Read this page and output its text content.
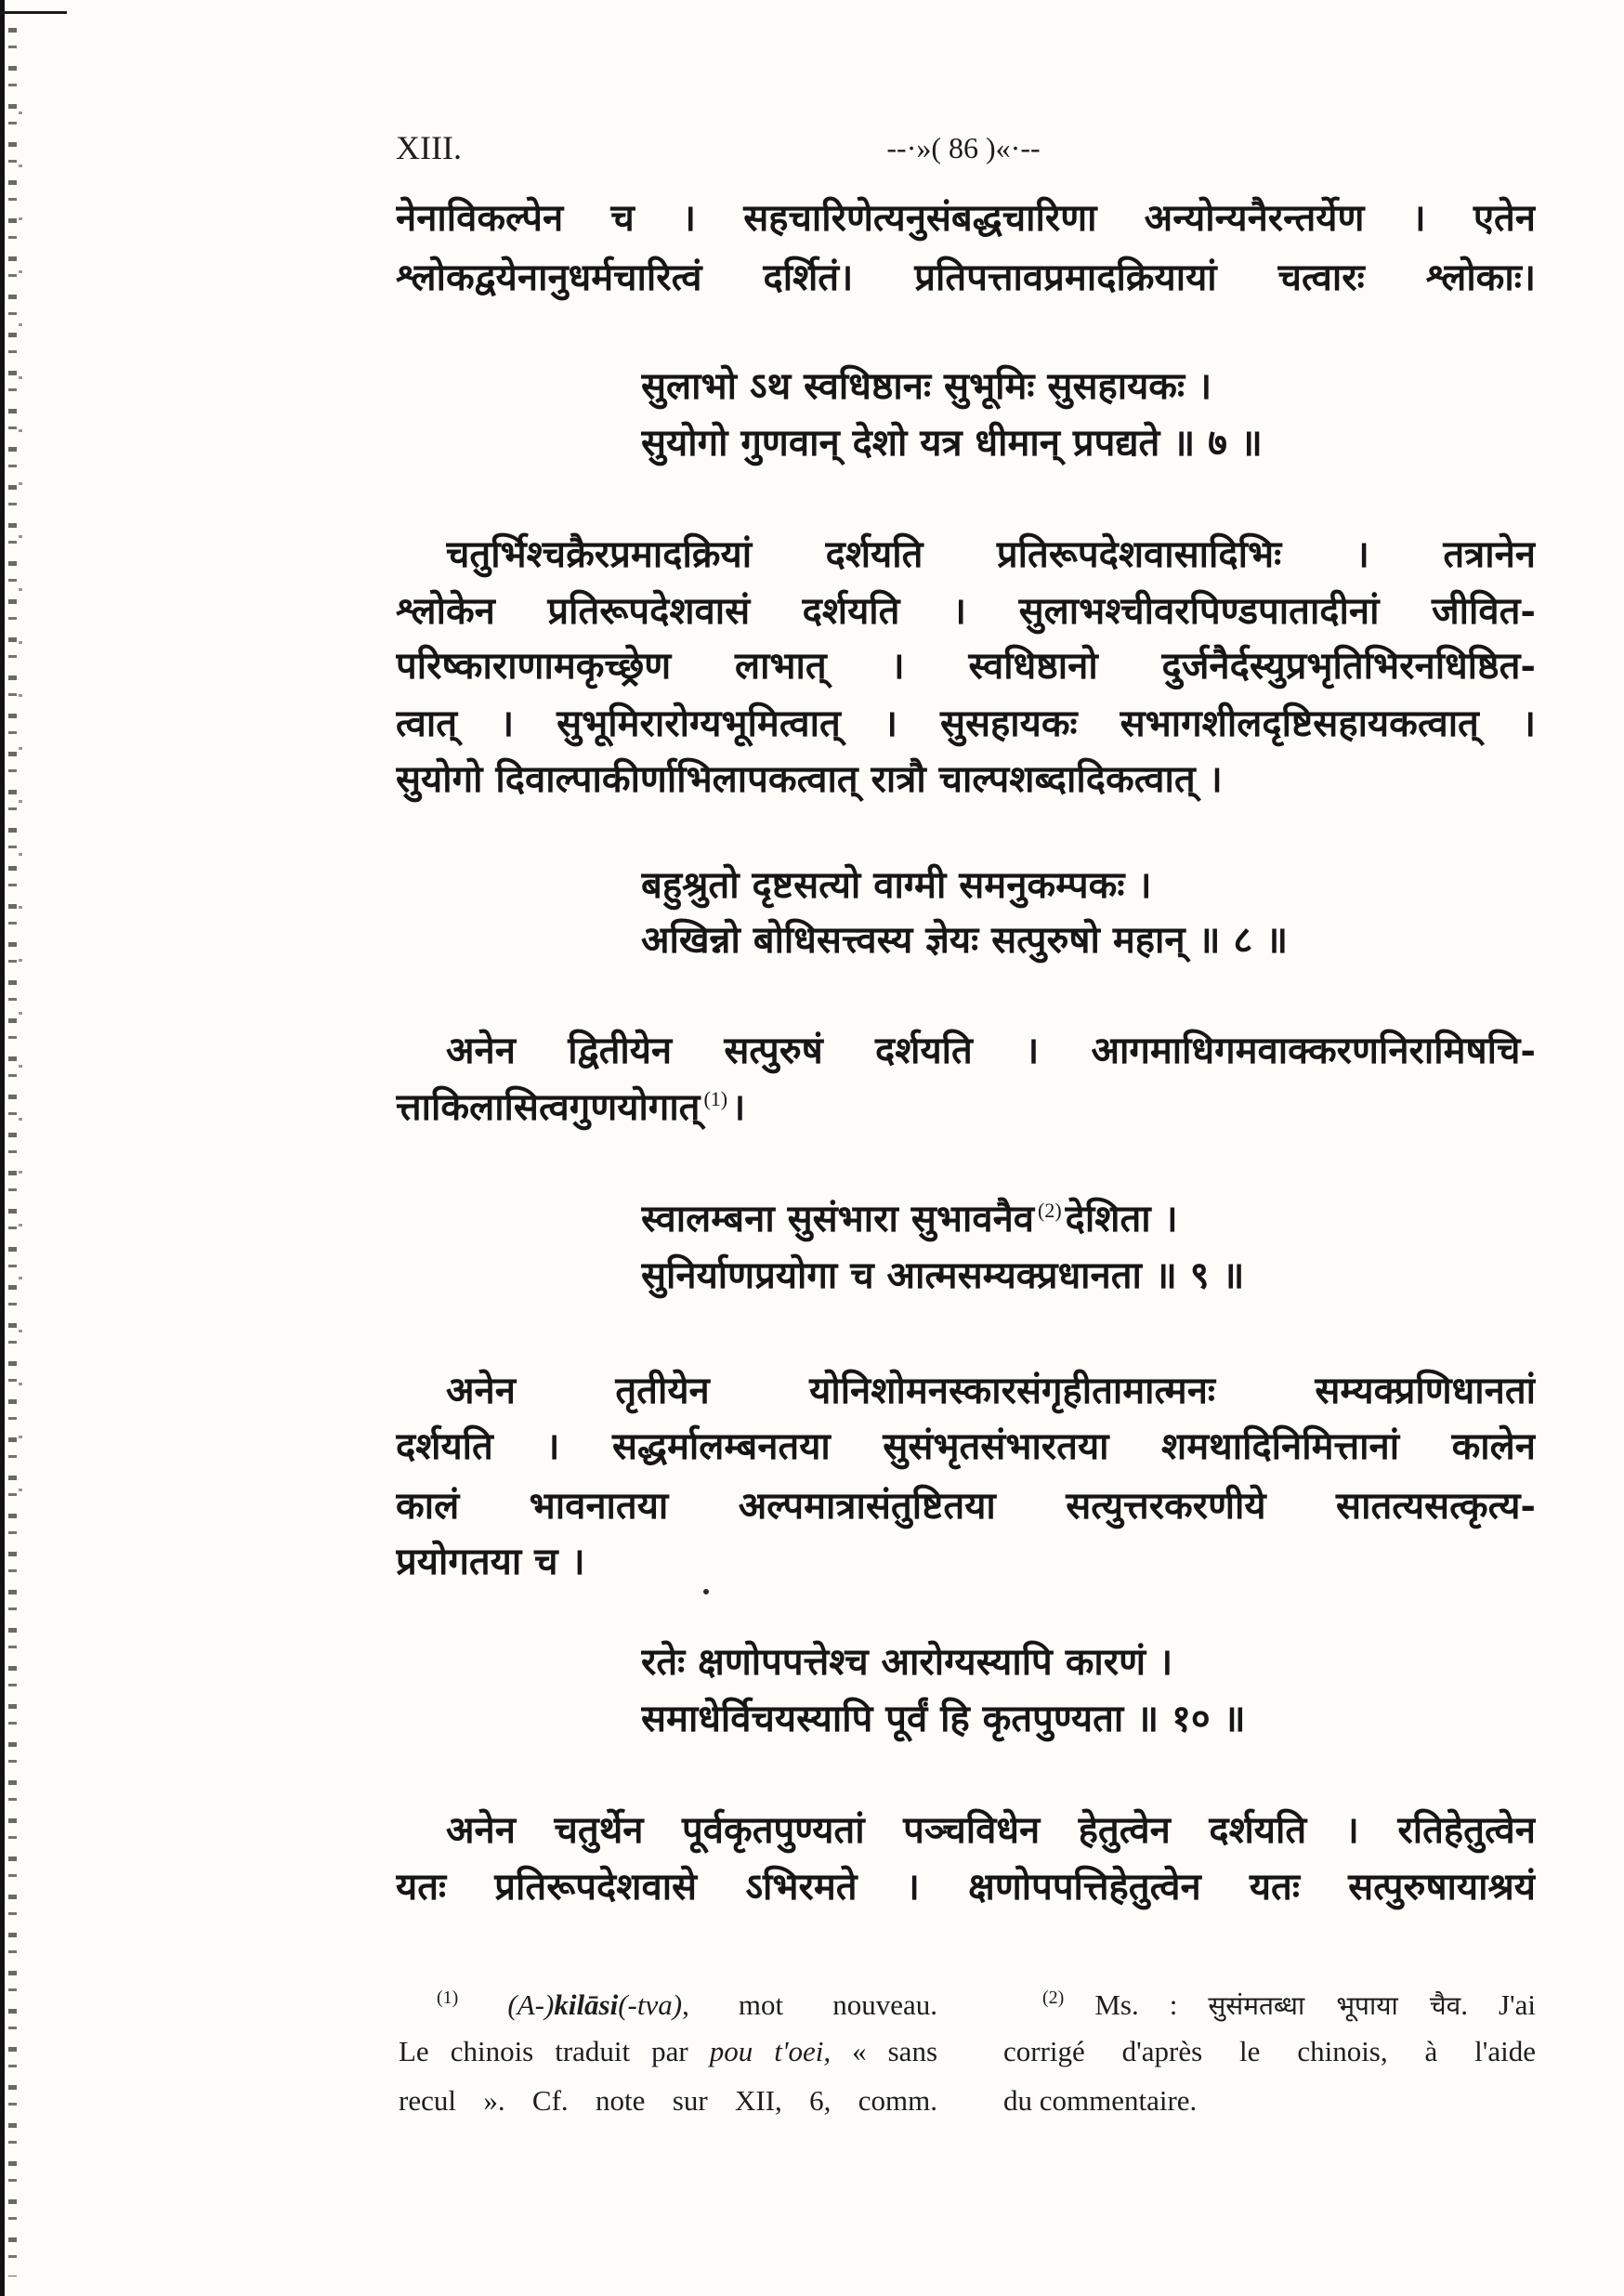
XIII.	--·»( 86 )«·--
नेनाविकल्पेन च । सहचारिणेत्यनुसंबद्धचारिणा अन्योन्यनैरन्तर्येण । एतेन
श्लोकद्वयेनानुधर्मचारित्वं दर्शितं। प्रतिपत्तावप्रमादक्रियायां चत्वारः श्लोकाः।
सुलाभो ऽथ स्वधिष्ठानः सुभूमिः सुसहायकः ।
सुयोगो गुणवान् देशो यत्र धीमान् प्रपद्यते ॥ ७ ॥
चतुर्भिश्चक्रैरप्रमादक्रियां दर्शयति प्रतिरूपदेशवासादिभिः । तत्रानेन
श्लोकेन प्रतिरूपदेशवासं दर्शयति । सुलाभश्चीवरपिण्डपातादीनां जीवित-
परिष्काराणामकृच्छ्रेण लाभात् । स्वधिष्ठानो दुर्जनैर्दस्युप्रभृतिभिरनधिष्ठित-
त्वात् । सुभूमिरारोग्यभूमित्वात् । सुसहायकः सभागशीलदृष्टिसहायकत्वात् ।
सुयोगो दिवाल्पाकीर्णाभिलापकत्वात् रात्रौ चाल्पशब्दादिकत्वात् ।
बहुश्रुतो दृष्टसत्यो वाग्मी समनुकम्पकः ।
अखिन्नो बोधिसत्त्वस्य ज्ञेयः सत्पुरुषो महान् ॥ ८ ॥
अनेन द्वितीयेन सत्पुरुषं दर्शयति । आगमाधिगमवाक्करणनिरामिषचि-
त्ताकिलासित्वगुणयोगात् $^{(1)}$ ।
स्वालम्बना सुसंभारा सुभावनैव $^{(2)}$ देशिता ।
सुनिर्याणप्रयोगा च आत्मसम्यक्प्रधानता ॥ ९ ॥
अनेन तृतीयेन योनिशोमनस्कारसंगृहीतामात्मनः सम्यक्प्रणिधानतां
दर्शयति । सद्धर्मालम्बनतया सुसंभृतसंभारतया शमथादिनिमित्तानां कालेन
कालं भावनातया अल्पमात्रासंतुष्टितया सत्युत्तरकरणीये सातत्यसत्कृत्य-
प्रयोगतया च ।
रतेः क्षणोपपत्तेश्च आरोग्यस्यापि कारणं ।
समाधेर्विचयस्यापि पूर्वं हि कृतपुण्यता ॥ १० ॥
अनेन चतुर्थेन पूर्वकृतपुण्यतां पञ्चविधेन हेतुत्वेन दर्शयति । रतिहेतुत्वेन
यतः प्रतिरूपदेशवासे ऽभिरमते । क्षणोपपत्तिहेतुत्वेन यतः सत्पुरुषायाश्रयं
$^{(1)}$ (A-)kilāsi(-tva), mot nouveau.
Le chinois traduit par pou t'oei, « sans
recul ». Cf. note sur XII, 6, comm.
$^{(2)}$ Ms. : सुसंमतब्धा भूपाया चैव. J'ai
corrigé d'après le chinois, à l'aide
du commentaire.
